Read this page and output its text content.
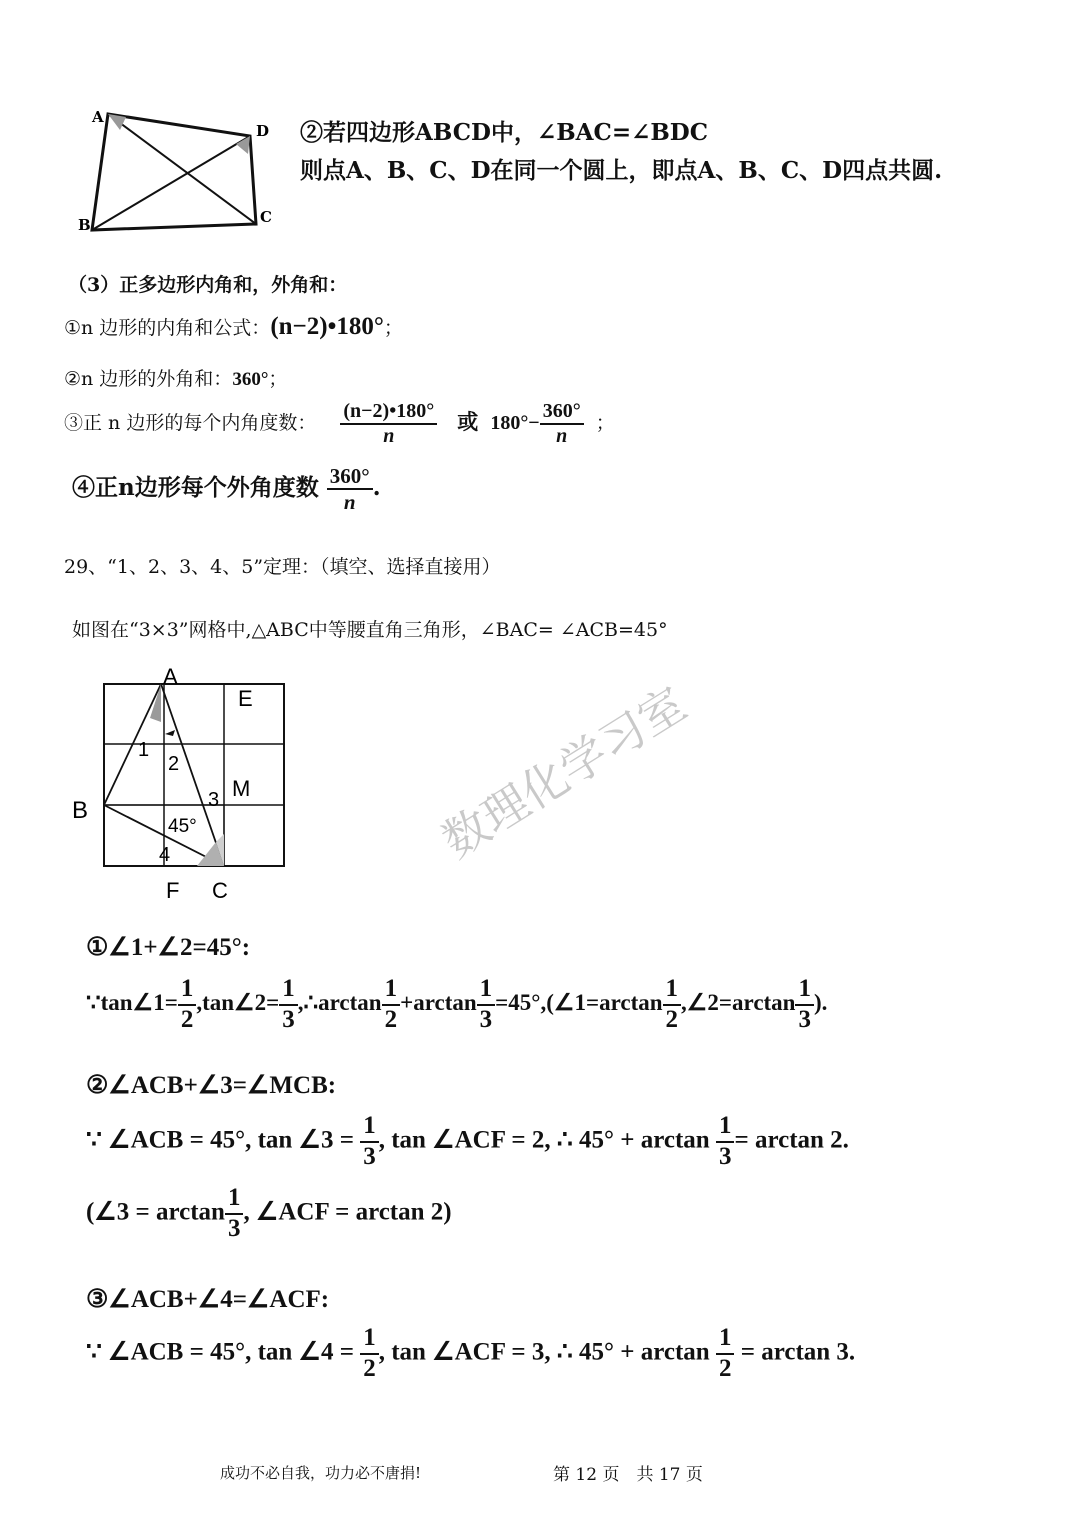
A
D
C
B
②若四边形ABCD中，∠BAC=∠BDC
则点A、B、C、D在同一个圆上，即点A、B、C、D四点共圆.
（3）正多边形内角和，外角和：
①n 边形的内角和公式：(n−2)•180°；
②n 边形的外角和：360°；
③正 n 边形的每个内角度数： $\frac{(n-2)•180^\circ}{n}$ 或 $180^\circ- \frac{360^\circ}{n}$ ；
④正n边形每个外角度数 $\frac{360^\circ}{n}$ .
29、“1、2、3、4、5”定理：（填空、选择直接用）
如图在“3×3”网格中,△ABC中等腰直角三角形，∠BAC= ∠ACB=45°
A
E
B
M
F C
1
2
3
4
45°	数理化学习室
①∠1+∠2=45°:
∵tan∠1= $\frac{1}{2}$ ,tan∠2= $\frac{1}{3}$ ,∴arctan $\frac{1}{2} +\arctan \frac{1}{3}$ =45°,(∠1=arctan $\frac{1}{2}$ ,∠2=arctan $\frac{1}{3}$ ).
②∠ACB+∠3=∠MCB:
∵ ∠ACB = 45°, tan ∠3 = $\frac{1}{3}$ , tan ∠ACF = 2, ∴ $45^\circ + \arctan \frac{1}{3} = \arctan 2$.
(∠3 = $\arctan \frac{1}{3}$ , ∠ACF = arctan 2)
③∠ACB+∠4=∠ACF:
∵ ∠ACB = 45°, tan ∠4 = $\frac{1}{2}$ , tan ∠ACF = 3, ∴ $45^\circ + \arctan \frac{1}{2} = \arctan 3$.
成功不必自我，功力必不唐捐!	第 12 页　共 17 页
